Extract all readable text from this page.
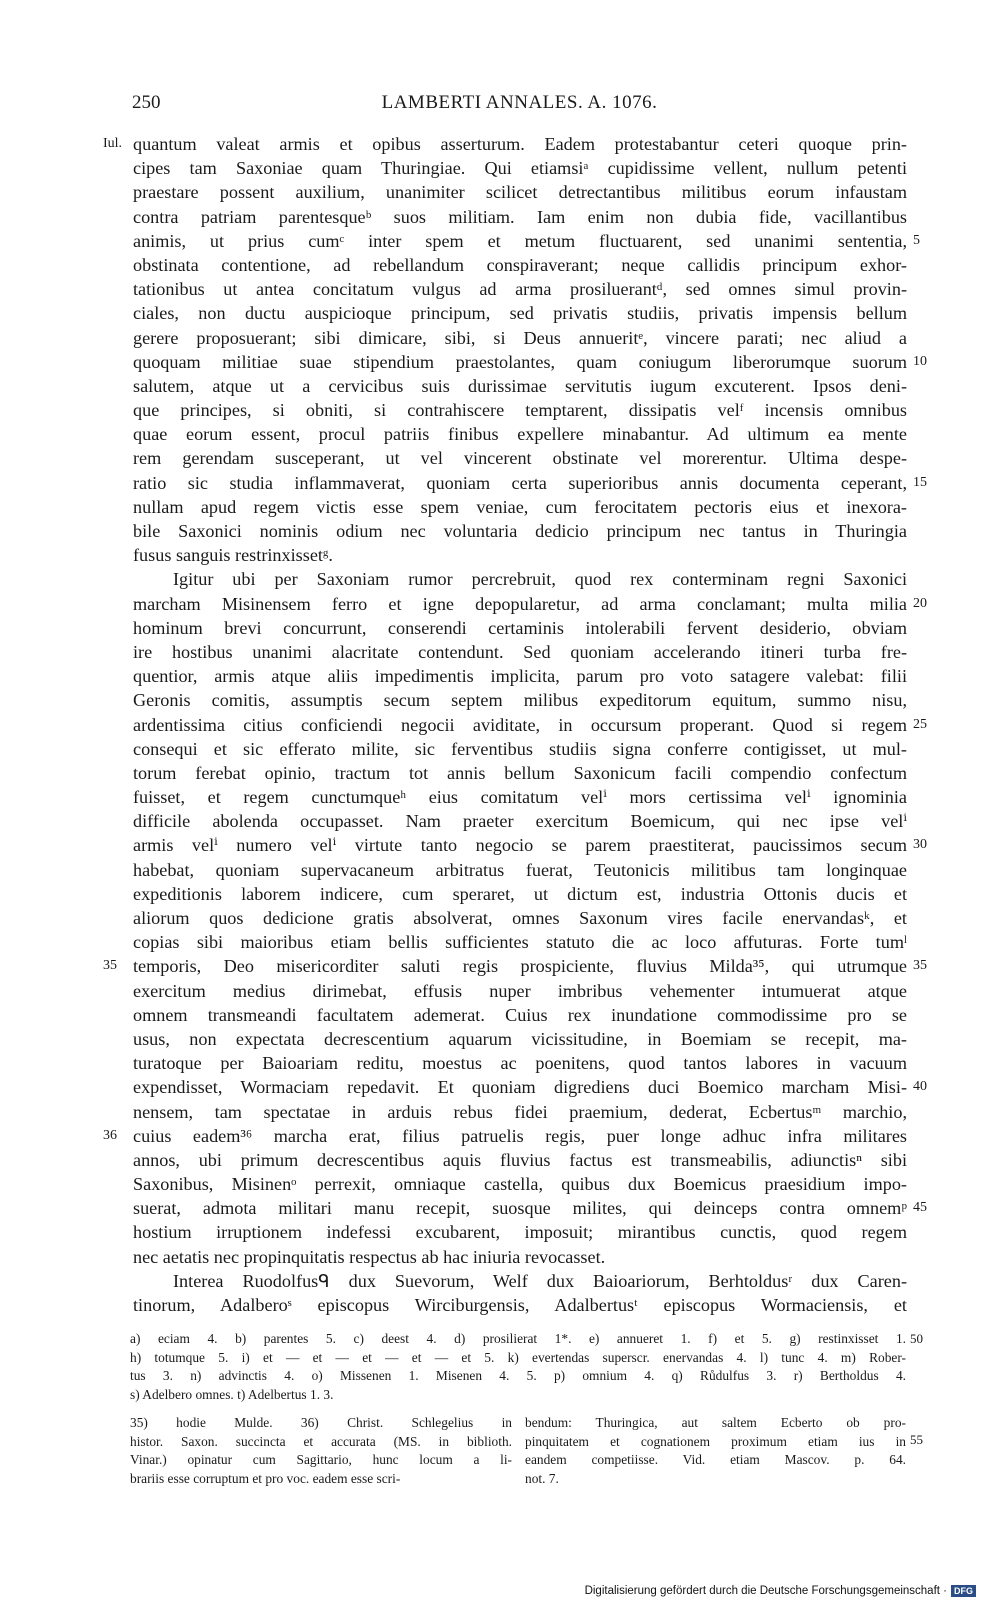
250	LAMBERTI ANNALES. A. 1076.
quantum valeat armis et opibus asserturum. Eadem protestabantur ceteri quoque prin-
Iul.
cipes tam Saxoniae quam Thuringiae. Qui etiamsiᵃ cupidissime vellent, nullum petenti
praestare possent auxilium, unanimiter scilicet detrectantibus militibus eorum infaustam
contra patriam parentesqueᵇ suos militiam. Iam enim non dubia fide, vacillantibus
animis, ut prius cumᶜ inter spem et metum fluctuarent, sed unanimi sententia, 5
obstinata contentione, ad rebellandum conspiraverant; neque callidis principum exhor-
tationibus ut antea concitatum vulgus ad arma prosiluerantᵈ, sed omnes simul provin-
ciales, non ductu auspicioque principum, sed privatis studiis, privatis impensis bellum
gerere proposuerant; sibi dimicare, sibi, si Deus annueritᵉ, vincere parati; nec aliud a
quoquam militiae suae stipendium praestolantes, quam coniugum liberorumque suorum 10
salutem, atque ut a cervicibus suis durissimae servitutis iugum excuterent. Ipsos deni-
que principes, si obniti, si contrahiscere temptarent, dissipatis velᶠ incensis omnibus
quae eorum essent, procul patriis finibus expellere minabantur. Ad ultimum ea mente
rem gerendam susceperant, ut vel vincerent obstinate vel morerentur. Ultima despe-
ratio sic studia inflammaverat, quoniam certa superioribus annis documenta ceperant, 15
nullam apud regem victis esse spem veniae, cum ferocitatem pectoris eius et inexora-
bile Saxonici nominis odium nec voluntaria dedicio principum nec tantus in Thuringia
fusus sanguis restrinxissetᵍ.
Igitur ubi per Saxoniam rumor percrebruit, quod rex conterminam regni Saxonici
marcham Misinensem ferro et igne depopularetur, ad arma conclamant; multa milia 20
hominum brevi concurrunt, conserendi certaminis intolerabili fervent desiderio, obviam
ire hostibus unanimi alacritate contendunt. Sed quoniam accelerando itineri turba fre-
quentior, armis atque aliis impedimentis implicita, parum pro voto satagere valebat: filii
Geronis comitis, assumptis secum septem milibus expeditorum equitum, summo nisu,
ardentissima citius conficiendi negocii aviditate, in occursum properant. Quod si regem 25
consequi et sic efferato milite, sic ferventibus studiis signa conferre contigisset, ut mul-
torum ferebat opinio, tractum tot annis bellum Saxonicum facili compendio confectum
fuisset, et regem cunctumqueʰ eius comitatum velⁱ mors certissima velⁱ ignominia
difficile abolenda occupasset. Nam praeter exercitum Boemicum, qui nec ipse velⁱ
armis velⁱ numero velⁱ virtute tanto negocio se parem praestiterat, paucissimos secum 30
habebat, quoniam supervacaneum arbitratus fuerat, Teutonicis militibus tam longinquae
expeditionis laborem indicere, cum speraret, ut dictum est, industria Ottonis ducis et
aliorum quos dedicione gratis absolverat, omnes Saxonum vires facile enervandasᵏ, et
copias sibi maioribus etiam bellis sufficientes statuto die ac loco affuturas. Forte tumˡ
temporis, Deo misericorditer saluti regis prospiciente, fluvius Milda³⁵, qui utrumque
35	35
exercitum medius dirimebat, effusis nuper imbribus vehementer intumuerat atque
omnem transmeandi facultatem ademerat. Cuius rex inundatione commodissime pro se
usus, non expectata decrescentium aquarum vicissitudine, in Boemiam se recepit, ma-
turatoque per Baioariam reditu, moestus ac poenitens, quod tantos labores in vacuum
expendisset, Wormaciam repedavit. Et quoniam digrediens duci Boemico marcham Misi- 40
nensem, tam spectatae in arduis rebus fidei praemium, dederat, Ecbertusᵐ marchio,
cuius eadem³⁶ marcha erat, filius patruelis regis, puer longe adhuc infra militares
36
annos, ubi primum decrescentibus aquis fluvius factus est transmeabilis, adiunctisⁿ sibi
Saxonibus, Misinenᵒ perrexit, omniaque castella, quibus dux Boemicus praesidium impo-
suerat, admota militari manu recepit, suosque milites, qui deinceps contra omnemᵖ 45
hostium irruptionem indefessi excubarent, imposuit; mirantibus cunctis, quod regem
nec aetatis nec propinquitatis respectus ab hac iniuria revocasset.
Interea Ruodolfusᑫ dux Suevorum, Welf dux Baioariorum, Berhtoldusʳ dux Caren-
tinorum, Adalberoˢ episcopus Wirciburgensis, Adalbertusᵗ episcopus Wormaciensis, et
a) eciam 4. b) parentes 5. c) deest 4. d) prosilierat 1*. e) annueret 1. f) et 5. g) restinxisset 1. 50
h) totumque 5. i) et — et — et — et — et 5. k) evertendas superscr. enervandas 4. l) tunc 4. m) Rober-
tus 3. n) advinctis 4. o) Missenen 1. Misenen 4. 5. p) omnium 4. q) Růdulfus 3. r) Bertholdus 4.
s) Adelbero omnes. t) Adelbertus 1. 3.
35) hodie Mulde. 36) Christ. Schlegelius in
histor. Saxon. succincta et accurata (MS. in biblioth.
Vinar.) opinatur cum Sagittario, hunc locum a li-
brariis esse corruptum et pro voc. eadem esse scri-
bendum: Thuringica, aut saltem Ecberto ob pro-
pinquitatem et cognationem proximum etiam ius in
eandem competiisse. Vid. etiam Mascov. p. 64.
not. 7.
55
Digitalisierung gefördert durch die Deutsche Forschungsgemeinschaft · DFG
